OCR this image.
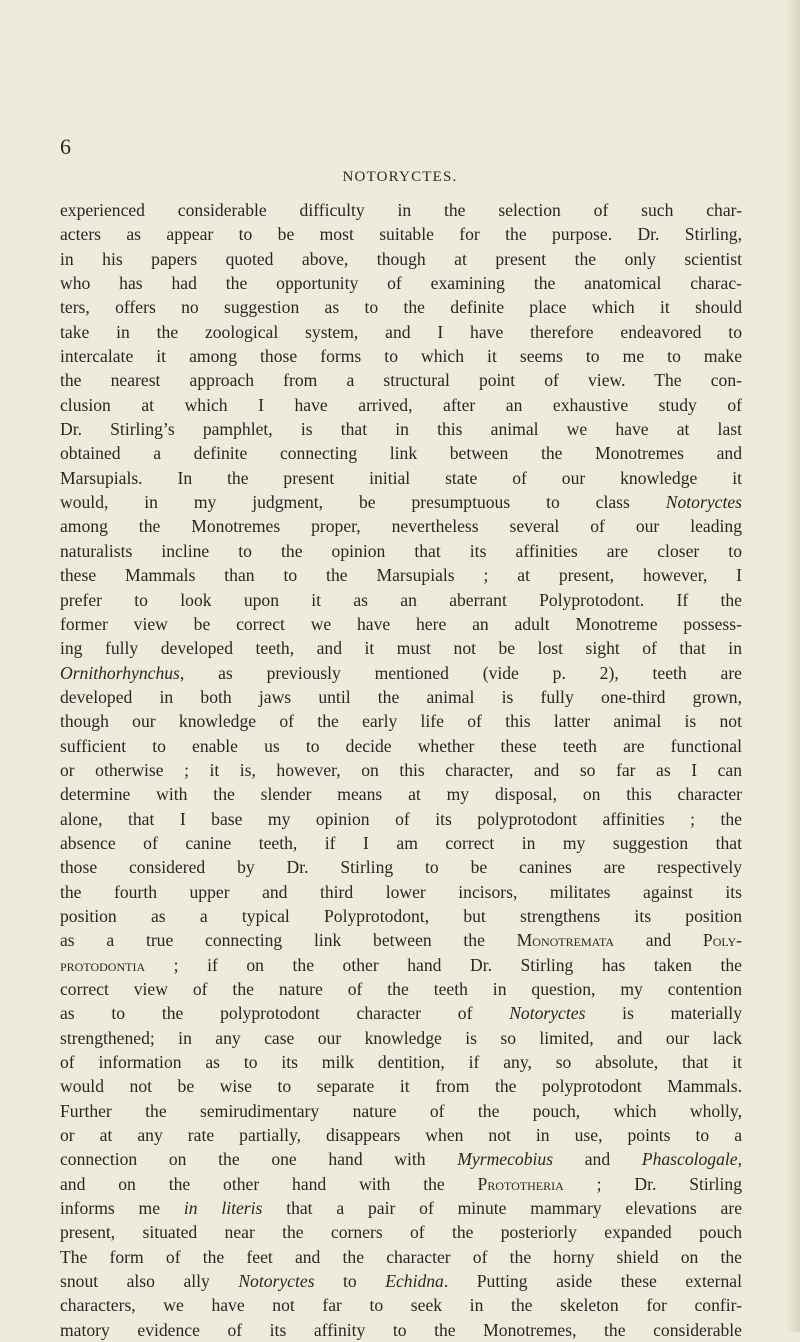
6
NOTORYCTES.
experienced considerable difficulty in the selection of such char-
acters as appear to be most suitable for the purpose. Dr. Stirling,
in his papers quoted above, though at present the only scientist
who has had the opportunity of examining the anatomical charac-
ters, offers no suggestion as to the definite place which it should
take in the zoological system, and I have therefore endeavored to
intercalate it among those forms to which it seems to me to make
the nearest approach from a structural point of view. The con-
clusion at which I have arrived, after an exhaustive study of
Dr. Stirling’s pamphlet, is that in this animal we have at last
obtained a definite connecting link between the Monotremes and
Marsupials. In the present initial state of our knowledge it
would, in my judgment, be presumptuous to class Notoryctes
among the Monotremes proper, nevertheless several of our leading
naturalists incline to the opinion that its affinities are closer to
these Mammals than to the Marsupials ; at present, however, I
prefer to look upon it as an aberrant Polyprotodont. If the
former view be correct we have here an adult Monotreme possess-
ing fully developed teeth, and it must not be lost sight of that in
Ornithorhynchus, as previously mentioned (vide p. 2), teeth are
developed in both jaws until the animal is fully one-third grown,
though our knowledge of the early life of this latter animal is not
sufficient to enable us to decide whether these teeth are functional
or otherwise ; it is, however, on this character, and so far as I can
determine with the slender means at my disposal, on this character
alone, that I base my opinion of its polyprotodont affinities ; the
absence of canine teeth, if I am correct in my suggestion that
those considered by Dr. Stirling to be canines are respectively
the fourth upper and third lower incisors, militates against its
position as a typical Polyprotodont, but strengthens its position
as a true connecting link between the Monotremata and Poly-
protodontia ; if on the other hand Dr. Stirling has taken the
correct view of the nature of the teeth in question, my contention
as to the polyprotodont character of Notoryctes is materially
strengthened; in any case our knowledge is so limited, and our lack
of information as to its milk dentition, if any, so absolute, that it
would not be wise to separate it from the polyprotodont Mammals.
Further the semirudimentary nature of the pouch, which wholly,
or at any rate partially, disappears when not in use, points to a
connection on the one hand with Myrmecobius and Phascologale,
and on the other hand with the Prototheria ; Dr. Stirling
informs me in literis that a pair of minute mammary elevations are
present, situated near the corners of the posteriorly expanded pouch
The form of the feet and the character of the horny shield on the
snout also ally Notoryctes to Echidna. Putting aside these external
characters, we have not far to seek in the skeleton for confir-
matory evidence of its affinity to the Monotremes, the considerable
